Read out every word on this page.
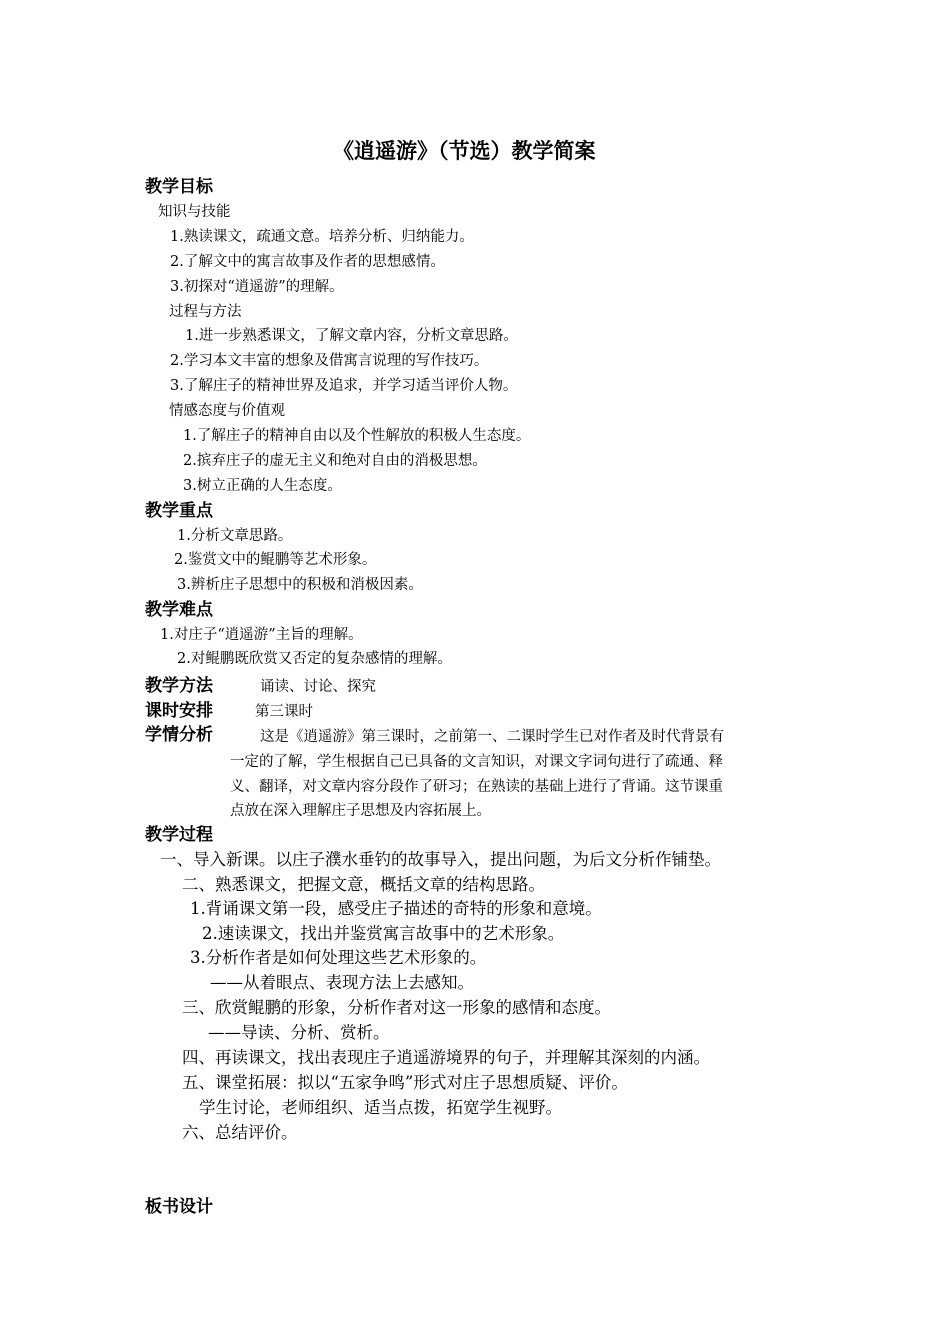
《逍遥游》（节选）教学简案
教学目标
知识与技能
1.熟读课文，疏通文意。培养分析、归纳能力。
2.了解文中的寓言故事及作者的思想感情。
3.初探对“逍遥游”的理解。
过程与方法
1.进一步熟悉课文，了解文章内容，分析文章思路。
2.学习本文丰富的想象及借寓言说理的写作技巧。
3.了解庄子的精神世界及追求，并学习适当评价人物。
情感态度与价值观
1.了解庄子的精神自由以及个性解放的积极人生态度。
2.摈弃庄子的虚无主义和绝对自由的消极思想。
3.树立正确的人生态度。
教学重点
1.分析文章思路。
2.鉴赏文中的鲲鹏等艺术形象。
3.辨析庄子思想中的积极和消极因素。
教学难点
1.对庄子“逍遥游”主旨的理解。
2.对鲲鹏既欣赏又否定的复杂感情的理解。
教学方法	诵读、讨论、探究
课时安排	第三课时
学情分析	这是《逍遥游》第三课时，之前第一、二课时学生已对作者及时代背景有
一定的了解，学生根据自己已具备的文言知识，对课文字词句进行了疏通、释
义、翻译，对文章内容分段作了研习；在熟读的基础上进行了背诵。这节课重
点放在深入理解庄子思想及内容拓展上。
教学过程
一、导入新课。以庄子濮水垂钓的故事导入，提出问题，为后文分析作铺垫。
二、熟悉课文，把握文意，概括文章的结构思路。
1.背诵课文第一段，感受庄子描述的奇特的形象和意境。
2.速读课文，找出并鉴赏寓言故事中的艺术形象。
3.分析作者是如何处理这些艺术形象的。
——从着眼点、表现方法上去感知。
三、欣赏鲲鹏的形象，分析作者对这一形象的感情和态度。
——导读、分析、赏析。
四、再读课文，找出表现庄子逍遥游境界的句子，并理解其深刻的内涵。
五、课堂拓展：拟以“五家争鸣”形式对庄子思想质疑、评价。
学生讨论，老师组织、适当点拨，拓宽学生视野。
六、总结评价。
板书设计
